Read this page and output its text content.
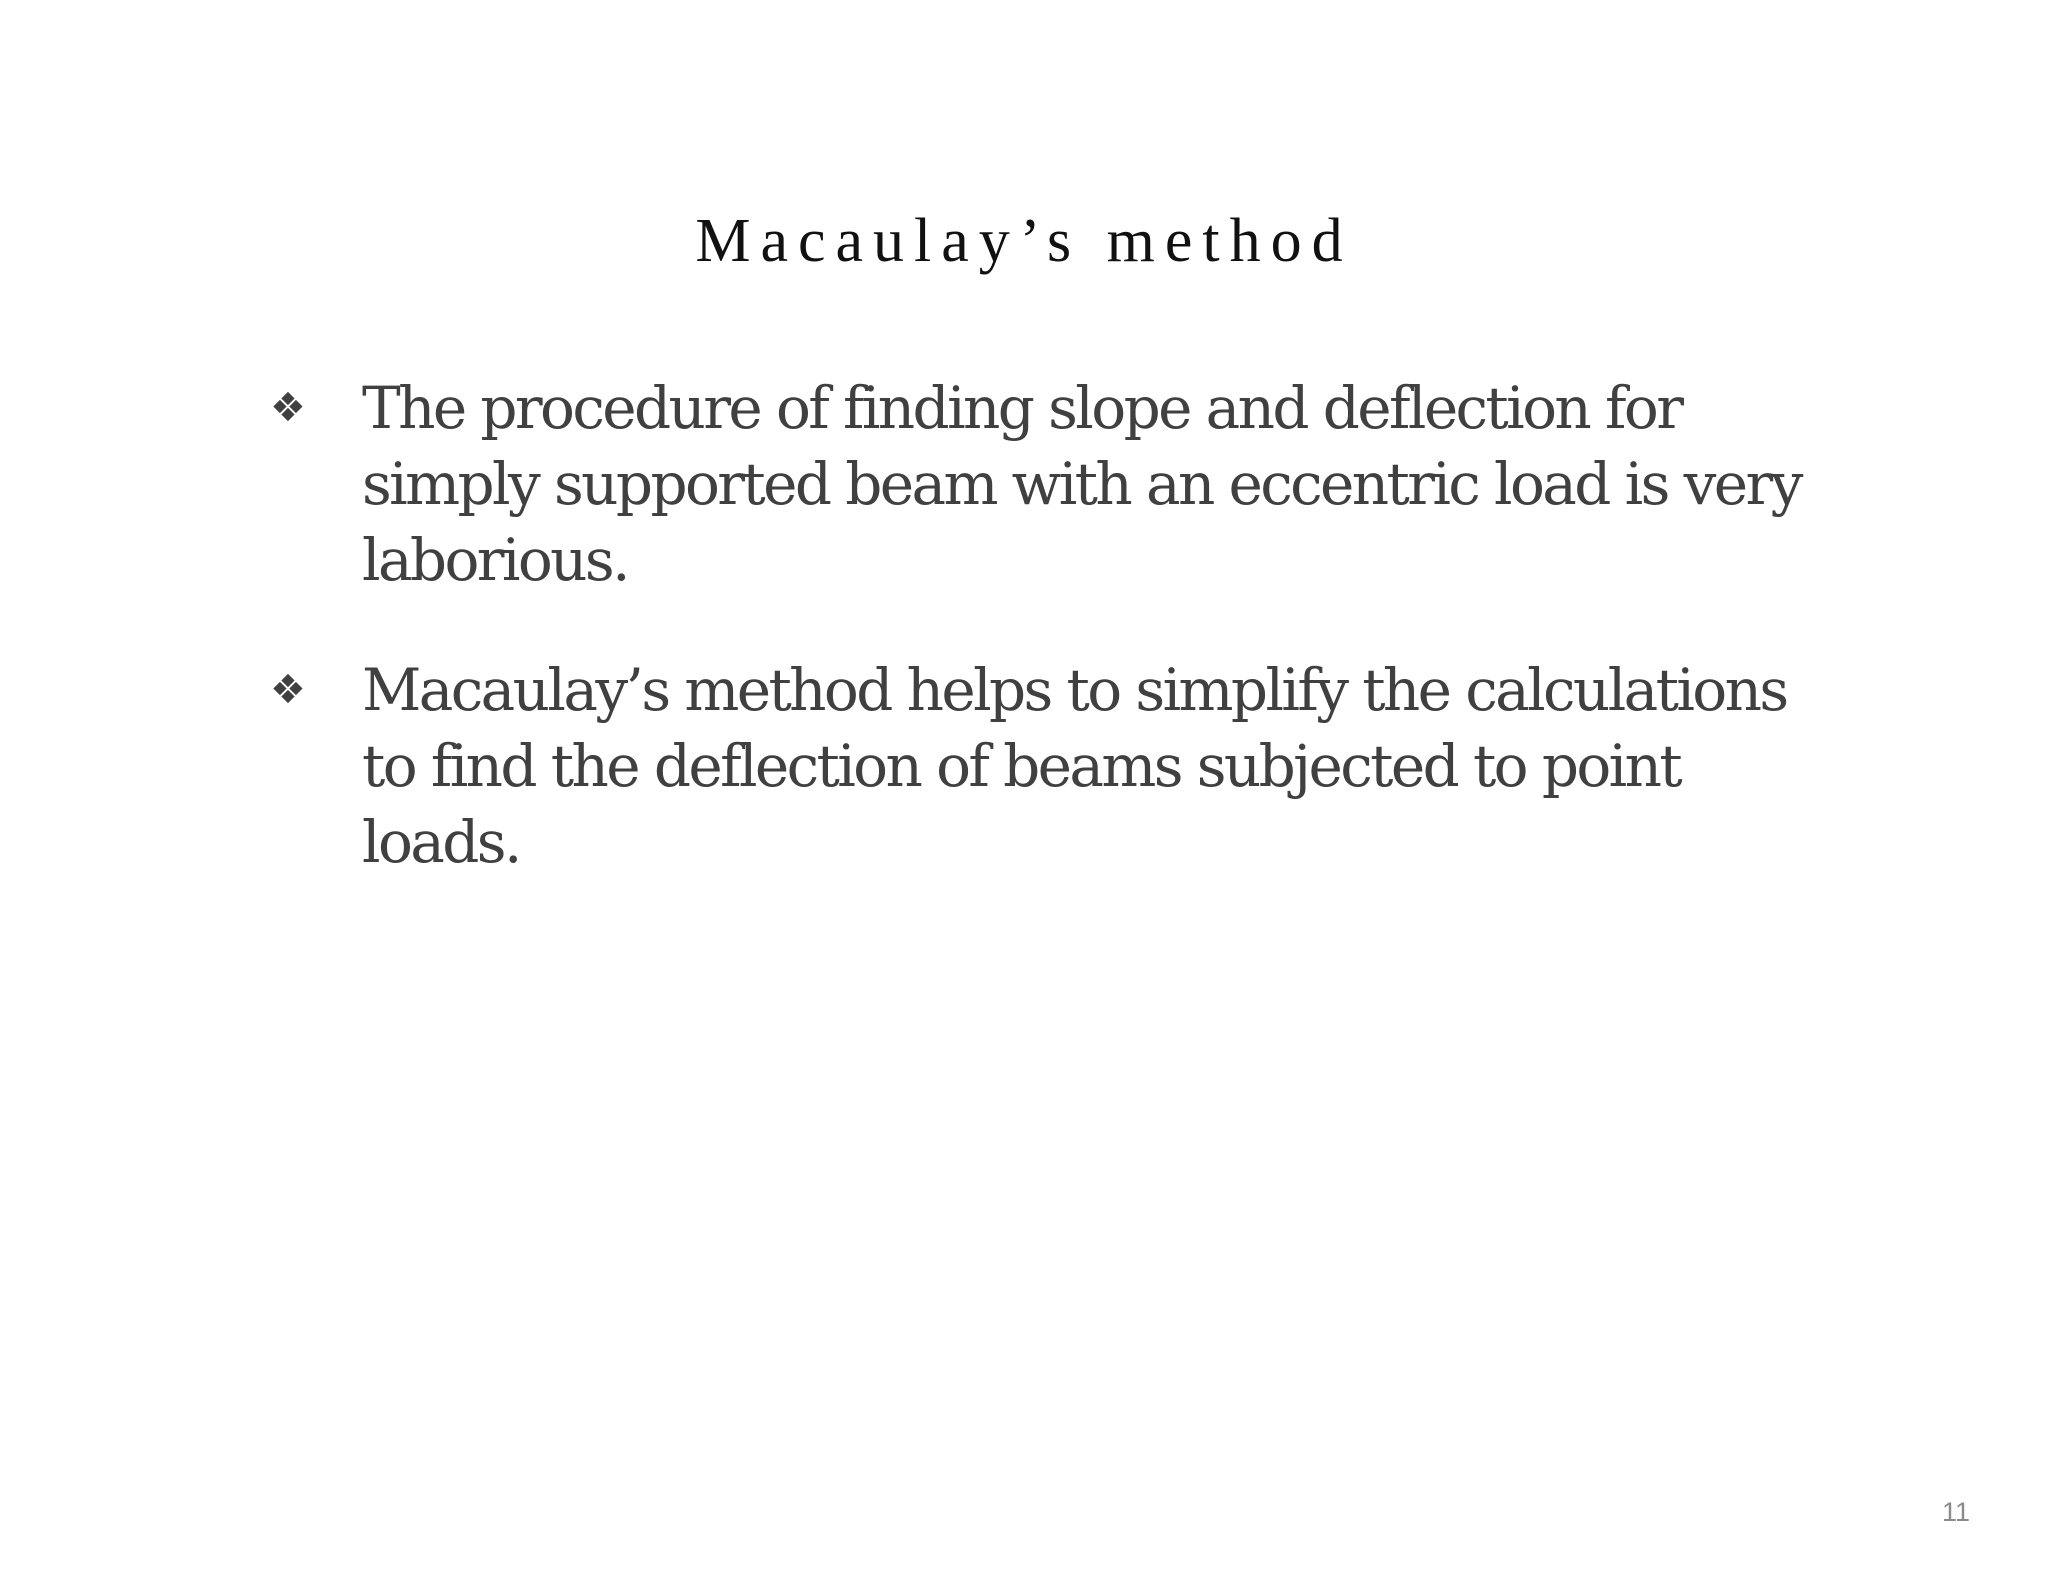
Macaulay’s method
❖ The procedure of finding slope and deflection for
simply supported beam with an eccentric load is very
laborious.
❖ Macaulay’s method helps to simplify the calculations
to find the deflection of beams subjected to point
loads.
11
